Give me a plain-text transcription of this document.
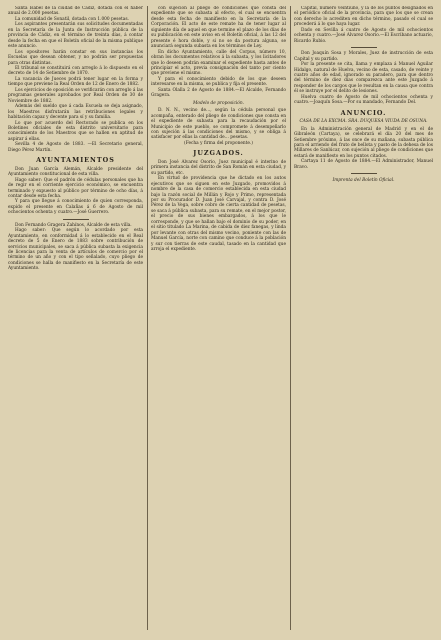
Santa Isabel de la ciudad de Cadiz, dotada con el haber anual de 2.000 pesetas.

La comunidad de Sonatil, dotada con 1.000 pesetas.

Los aspirantes presentarán sus solicitudes documentadas en la Secretaría de la Junta de Instrucción pública de la provincia de Cádiz, en el término de treinta días, á contar desde la fecha en que el Boletín oficial de la misma publique este anuncio.

Los opositores harán constar en sus instancias los Escuelas que desean obtener, y no podrán ser propuestas para otras distintas.

El tribunal se constituirá con arreglo á lo dispuesto en el decreto de 14 de Setiembre de 1870.

La vacancia de Jueces podrá tener lugar en la forma y tiempo que previene la Real Orden de 12 de Enero de 1882.

Los ejercicios de oposición se verificarán con arreglo á las programas generales aprobados por Real Orden de 30 de Noviembre de 1882.

Además del sueldo que á cada Escuela se deja asignado, los Maestros disfrutarán las retribuciones legales y habitación capaz y decente para sí y su familia.

Lo que por acuerdo del Rectorado se publica en los Boletines oficiales de esta distrito universitario para conocimiento de los Maestros que se hallen en aptitud de aspirar á ellas.

Sevilla 4 de Agosto de 1883. —El Secretario general, Diego Pérez Martín.

AYUNTAMIENTOS

Don Juan García Alemán, Alcalde presidente del Ayuntamiento constitucional de esta villa.

Hago saber: Que el padrón de cédulas personales que ha de regir en el corriente ejercicio económico, se encuentra terminado y expuesto al público por término de ocho días, á contar desde esta fecha.

Y para que llegue á conocimiento de quien corresponda, expido el presente en Calañas á 6 de Agosto de mil ochocientos ochenta y cuatro.—José Guerrero.

Don Fernando Gragera Zahínos, Alcalde de esta villa.

Hago saber: Que según lo acordado por esta Ayuntamiento, en conformidad á lo establecido en el Real decreto de 5 de Enero de 1883 sobre contribución de servicios municipales, se saca á pública subasta la exigencia de licencias para la venta de artículos de comercio por el término de un año y con el tipo señalado, cuyo pliego de condiciones se halla de manifiesto en la Secretaría de este Ayuntamiento.

con sujeción al pliego de condiciones que consta del expediente que se subasta al efecto, el cual se encuentra desde esta fecha de manifiesto en la Secretaría de la Corporación. El acto de este remate ha de tener lugar al siguiente día de aquel en que termine el plazo de los días de su publicación en este aviso en el Boletín oficial, á las 12 del presente é hora doble, y si no se da postura alguna, se anunciará segunda subasta en los términos de Ley.

En dicho Ayuntamiento, calle del Corpus, número 10, obran los documentos relativos á la subasta, y los licitadores que lo deseen podrán examinar el expediente hasta antes de principiar el acto, previa consignación del tanto por ciento que previene el mismo.

Y para el conocimiento debido de los que deseen interesarse en la misma, se publica y fija el presente.

Santa Olalla 2 de Agosto de 1884.—El Alcalde, Fernando Gragera.

Modelo de proposición.

D. N. N., vecino de…, según la cédula personal que acompaña, enterado del pliego de condiciones que consta en el expediente de subasta para la recaudación por el Municipio de este pueblo, se compromete á desempeñarlo con sujeción á las condiciones del mismo, y se obliga á satisfacer por ellas la cantidad de… pesetas.

(Fecha y firma del proponente.)

JUZGADOS.

Don José Alvarez Osorio, Juez municipal é interino de primera instancia del distrito de San Román en esta ciudad, y su partido, etc.

En virtud de providencia que he dictado en los autos ejecutivos que se siguen en este Juzgado, promovidos á nombre de la casa de comercio establecida en esta ciudad bajo la razón social de Millán y Rojo y Primo, representada por su Procurador D. Juan José Carvajal, y contra D. José Pérez de la Vega, sobre cobro de cierta cantidad de pesetas, se saca á pública subasta, para su remate, en el mejor postor, el precio de sus bienes embargados, á los que le corresponde, y que se hallan bajo el dominio de su poder, en el sitio titulado La Marina, de cabida de diez fanegas, y linda por levante con otras del mismo vecino, poniente con las de Manuel García, norte con camino que conduce á la población y sur con tierras de este caudal, tasado en la cantidad que arroja el expediente.

Capital, número veintiuno, y la de los puntos designados en el periódico oficial de la provincia, para que los que se crean con derecho lo acrediten en dicho término, pasado el cual se procederá á lo que haya lugar.

Dado en Sevilla á cuatro de Agosto de mil ochocientos ochenta y cuatro.—José Alvarez Osorio.—El Escribano actuario, Ricardo Rubio.

Don Joaquín Sosa y Morales, Juez de instrucción de esta Capital y su partido.

Por la presente se cita, llama y emplaza á Manuel Aguilar Hidalgo, natural de Huelva, vecino de esta, casado, de veinte y cuatro años de edad, ignorado su paradero, para que dentro del término de diez días comparezca ante este Juzgado á responder de los cargos que le resultan en la causa que contra él se instruye por el delito de lesiones.

Huelva cuatro de Agosto de mil ochocientos ochenta y cuatro.—Joaquín Sosa.—Por su mandado, Fernando Del.

ANUNCIO.
CASA DE LA EXCMA. SRA. DUQUESA VIUDA DE OSUNA.

En la Administración general de Madrid y en el de Gibraleón (Cartaya), se celebrará el día 20 del mes de Setiembre próximo, á las once de su mañana, subasta pública para el arriendo del fruto de bellota y pasto de la dehesa de los Millares de Sanlúcar, con sujeción al pliego de condiciones que estará de manifiesto en los puntos citados.

Cartaya 11 de Agosto de 1884.—El Administrador, Manuel Bravo.

Imprenta del Boletín Oficial.
